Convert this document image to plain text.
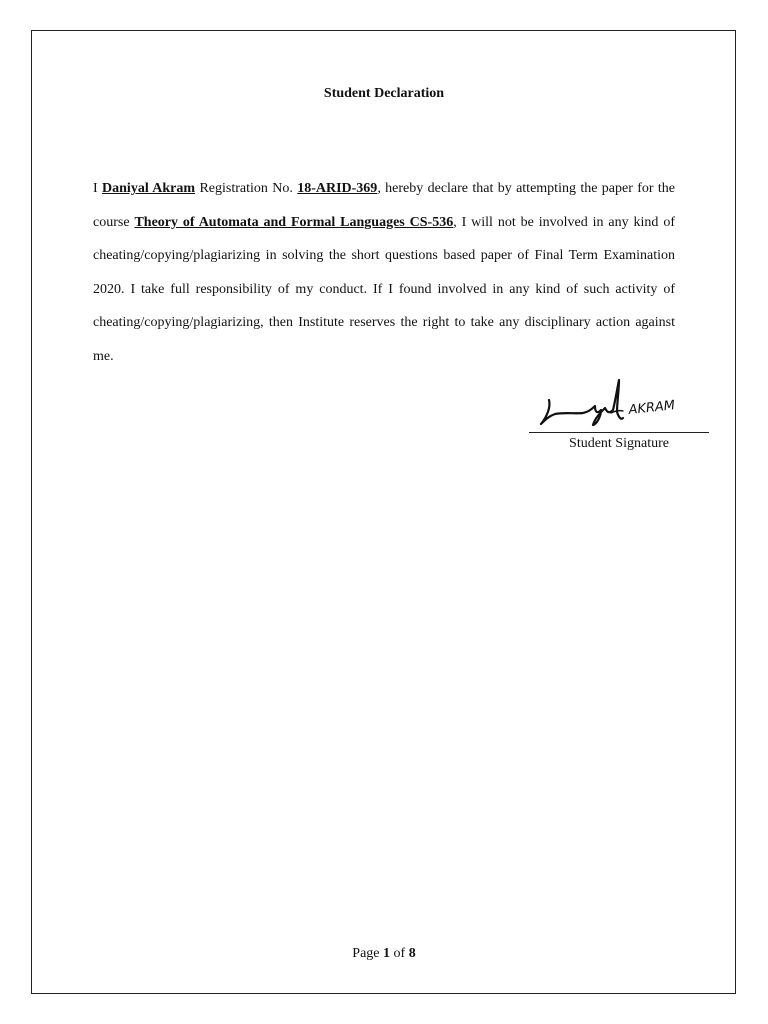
Student Declaration
I Daniyal Akram Registration No. 18-ARID-369, hereby declare that by attempting the paper for the course Theory of Automata and Formal Languages CS-536, I will not be involved in any kind of cheating/copying/plagiarizing in solving the short questions based paper of Final Term Examination 2020. I take full responsibility of my conduct. If I found involved in any kind of such activity of cheating/copying/plagiarizing, then Institute reserves the right to take any disciplinary action against me.
AKRAM
Student Signature
Page 1 of 8
